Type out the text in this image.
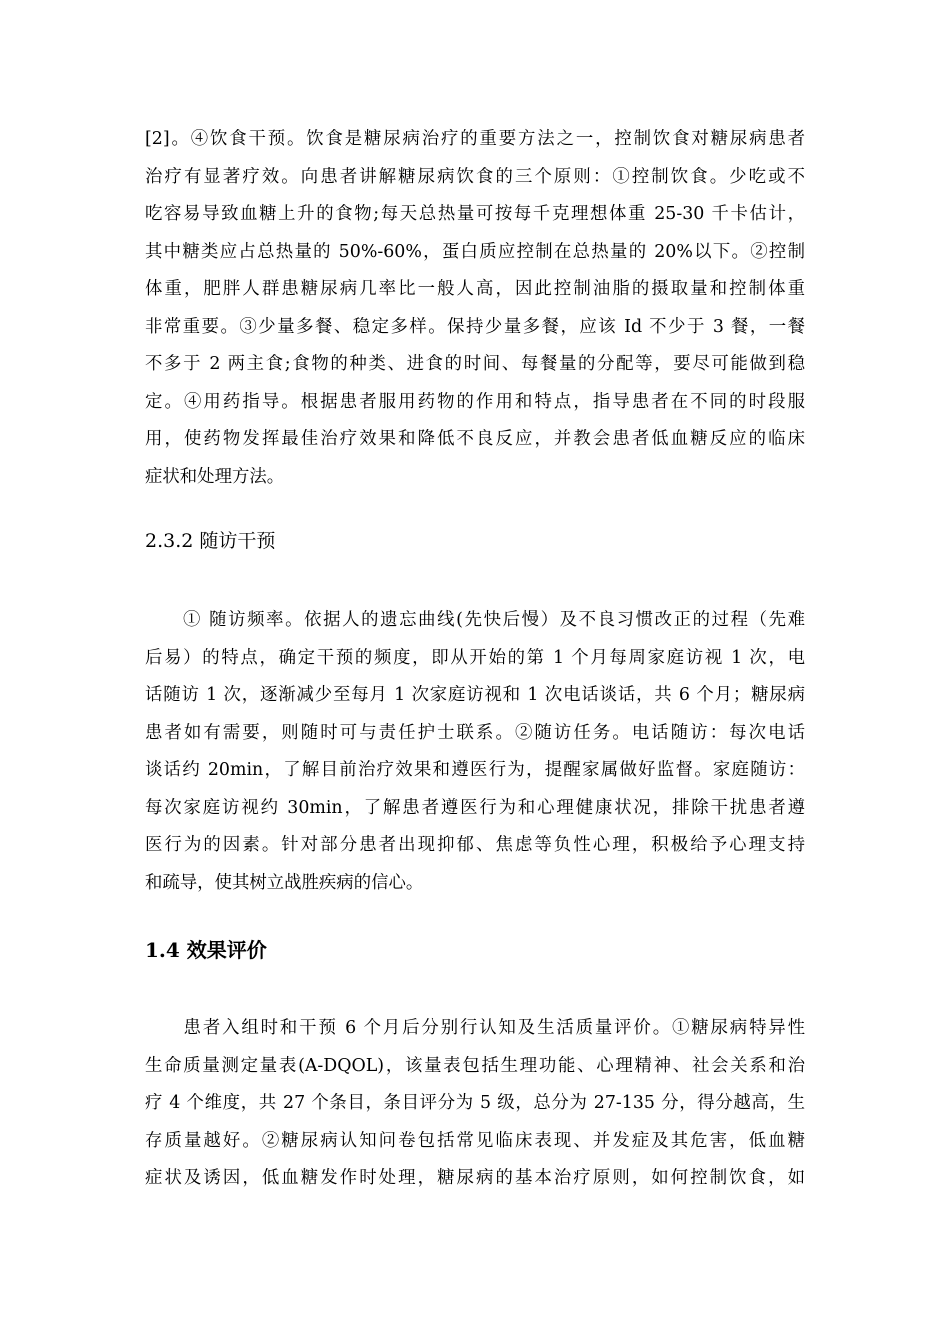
[2]。④饮食干预。饮食是糖尿病治疗的重要方法之一，控制饮食对糖尿病患者
治疗有显著疗效。向患者讲解糖尿病饮食的三个原则：①控制饮食。少吃或不
吃容易导致血糖上升的食物;每天总热量可按每千克理想体重 25-30 千卡估计，
其中糖类应占总热量的 50%-60%，蛋白质应控制在总热量的 20%以下。②控制
体重，肥胖人群患糖尿病几率比一般人高，因此控制油脂的摄取量和控制体重
非常重要。③少量多餐、稳定多样。保持少量多餐，应该 Id 不少于 3 餐，一餐
不多于 2 两主食;食物的种类、进食的时间、每餐量的分配等，要尽可能做到稳
定。④用药指导。根据患者服用药物的作用和特点，指导患者在不同的时段服
用，使药物发挥最佳治疗效果和降低不良反应，并教会患者低血糖反应的临床
症状和处理方法。
2.3.2 随访干预
　　① 随访频率。依据人的遗忘曲线(先快后慢）及不良习惯改正的过程（先难
后易）的特点，确定干预的频度，即从开始的第 1 个月每周家庭访视 1 次，电
话随访 1 次，逐渐减少至每月 1 次家庭访视和 1 次电话谈话，共 6 个月；糖尿病
患者如有需要，则随时可与责任护士联系。②随访任务。电话随访：每次电话
谈话约 20min，了解目前治疗效果和遵医行为，提醒家属做好监督。家庭随访：
每次家庭访视约 30min，了解患者遵医行为和心理健康状况，排除干扰患者遵
医行为的因素。针对部分患者出现抑郁、焦虑等负性心理，积极给予心理支持
和疏导，使其树立战胜疾病的信心。
1.4 效果评价
　　患者入组时和干预 6 个月后分别行认知及生活质量评价。①糖尿病特异性
生命质量测定量表(A-DQOL)，该量表包括生理功能、心理精神、社会关系和治
疗 4 个维度，共 27 个条目，条目评分为 5 级，总分为 27-135 分，得分越高，生
存质量越好。②糖尿病认知问卷包括常见临床表现、并发症及其危害，低血糖
症状及诱因，低血糖发作时处理，糖尿病的基本治疗原则，如何控制饮食，如
